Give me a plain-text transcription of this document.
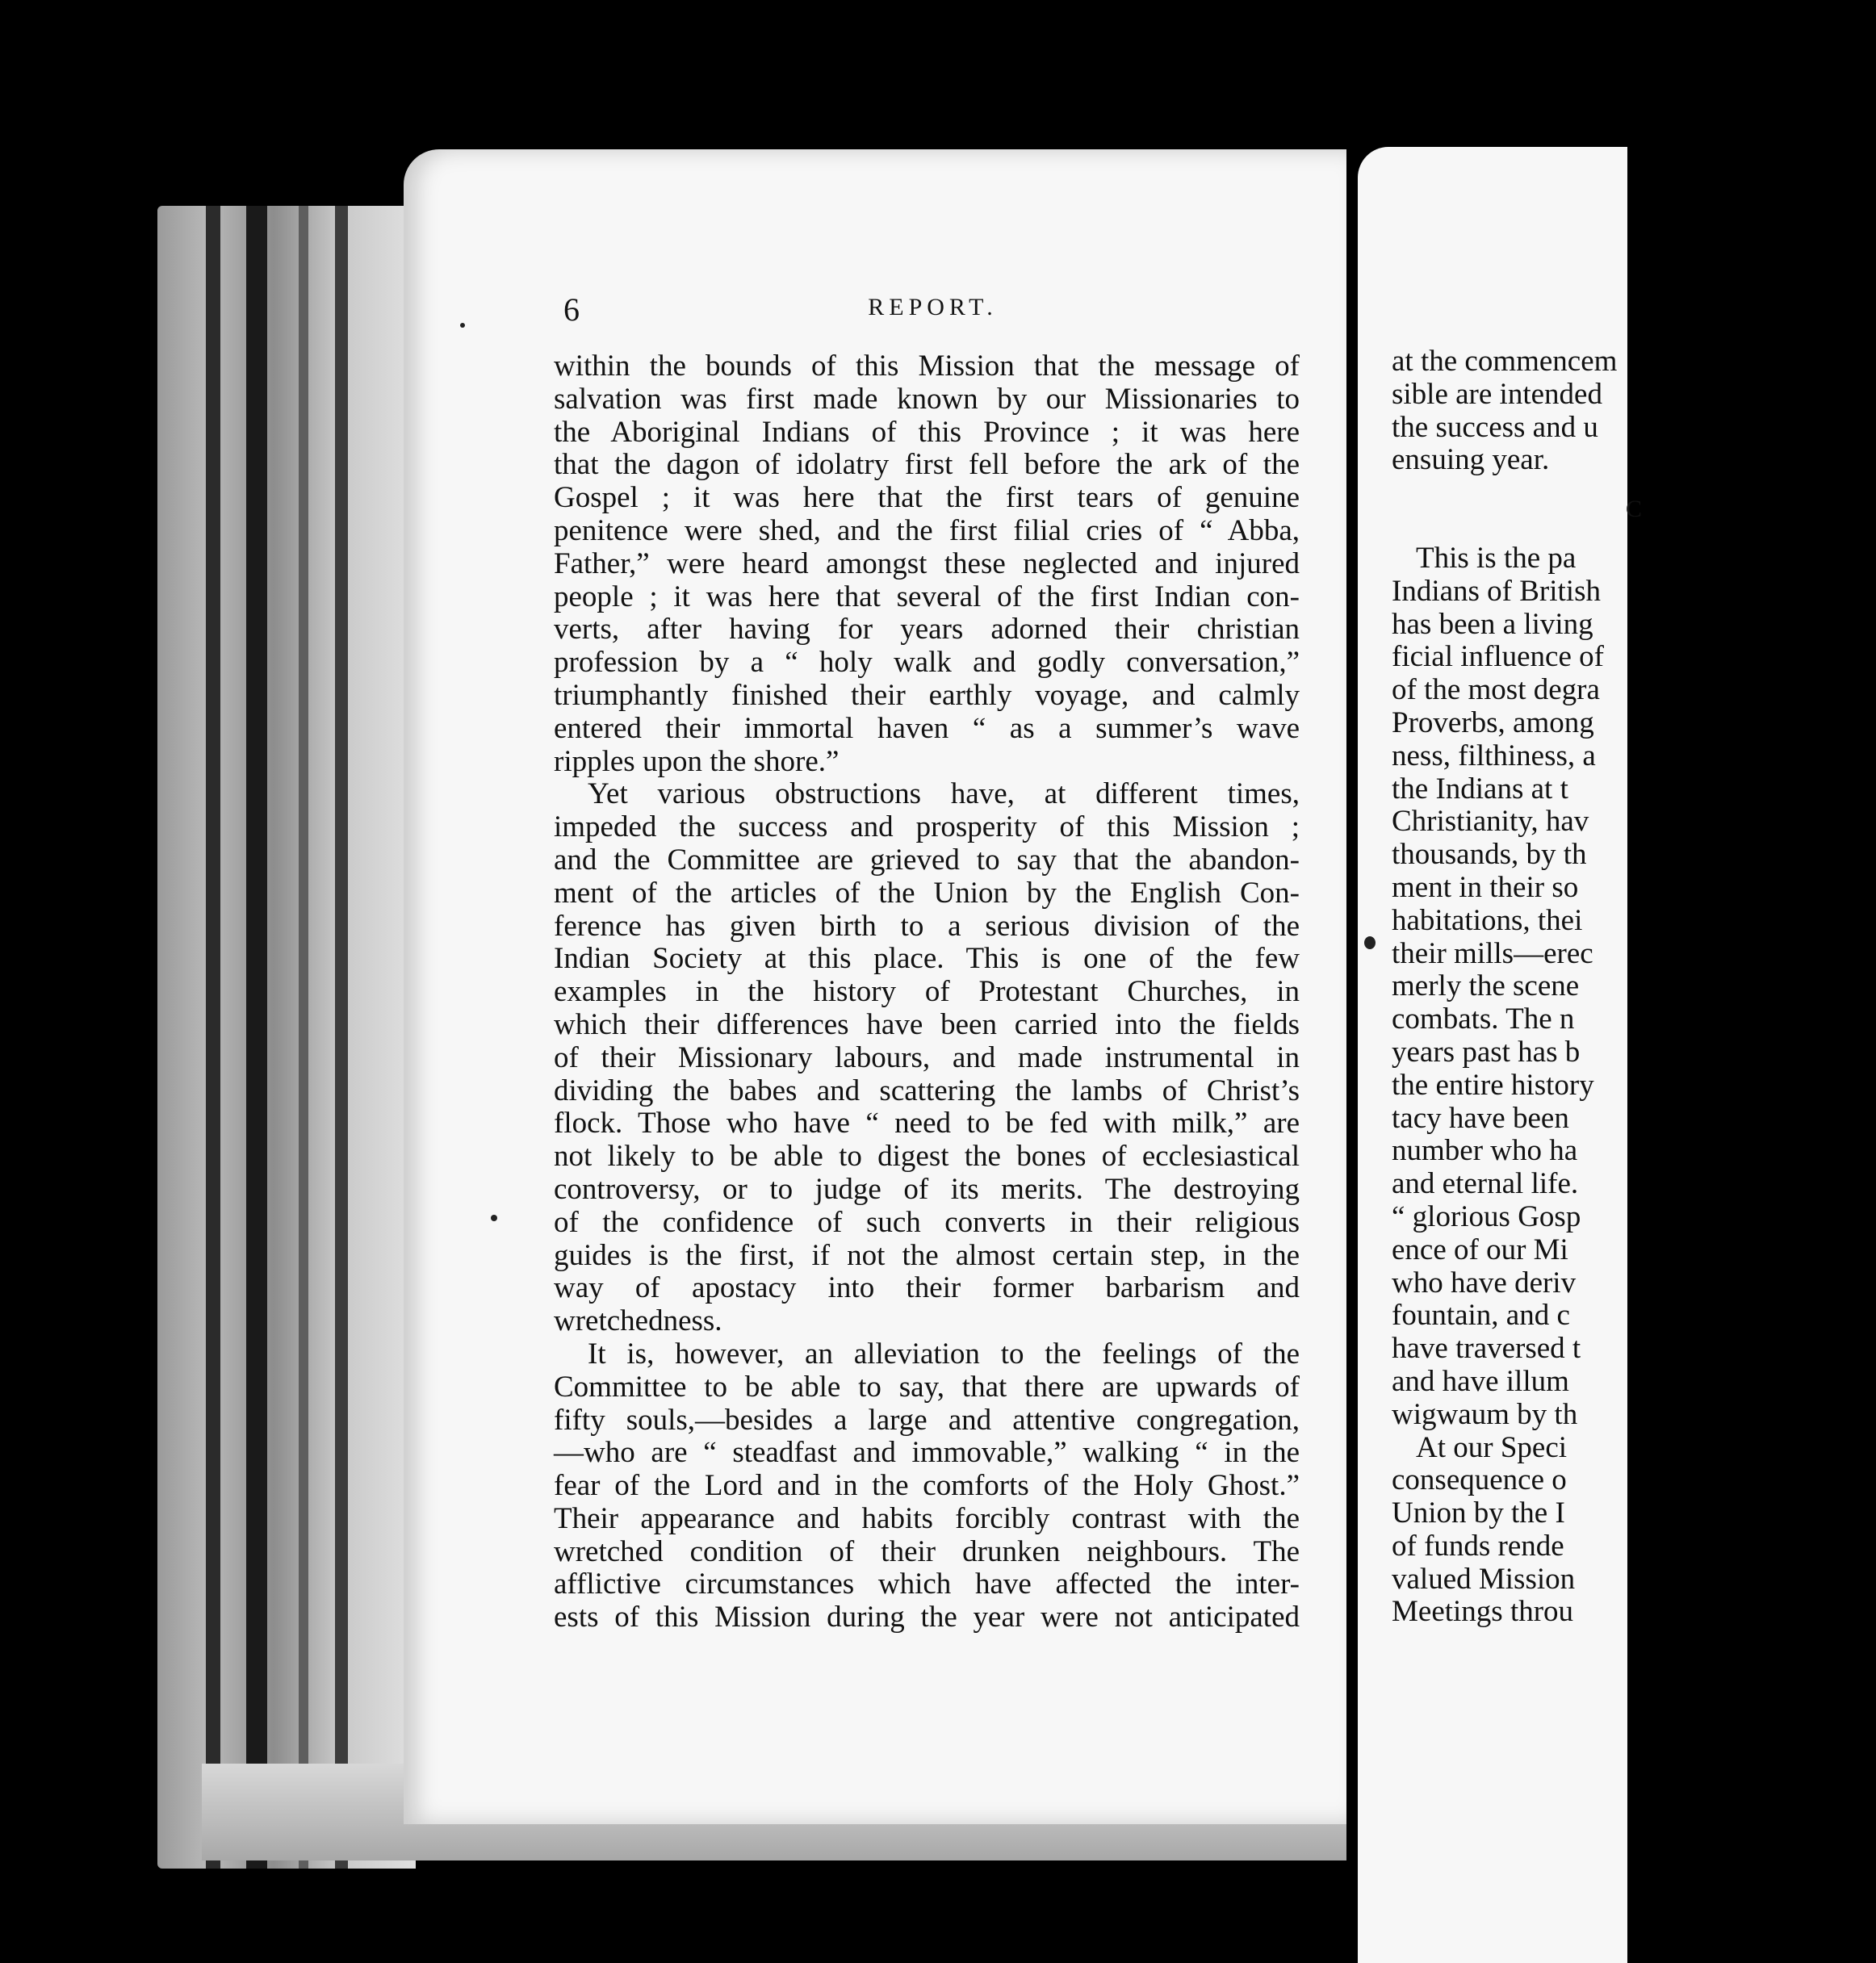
at the commencem
sible are intended
the success and u
ensuing year.
C
This is the pa
Indians of British
has been a living
ficial influence of
of the most degra
Proverbs, among
ness, filthiness, a
the Indians at t
Christianity, hav
thousands, by th
ment in their so
habitations, thei
their mills—erec
merly the scene
combats. The n
years past has b
the entire history
tacy have been
number who ha
and eternal life.
“ glorious Gosp
ence of our Mi
who have deriv
fountain, and c
have traversed t
and have illum
wigwaum by th
At our Speci
consequence o
Union by the I
of funds rende
valued Mission
Meetings throu
6	REPORT.
within the bounds of this Mission that the message of
salvation was first made known by our Missionaries to
the Aboriginal Indians of this Province ; it was here
that the dagon of idolatry first fell before the ark of the
Gospel ; it was here that the first tears of genuine
penitence were shed, and the first filial cries of “ Abba,
Father,” were heard amongst these neglected and injured
people ; it was here that several of the first Indian con-
verts, after having for years adorned their christian
profession by a “ holy walk and godly conversation,”
triumphantly finished their earthly voyage, and calmly
entered their immortal haven “ as a summer’s wave
ripples upon the shore.”
Yet various obstructions have, at different times,
impeded the success and prosperity of this Mission ;
and the Committee are grieved to say that the abandon-
ment of the articles of the Union by the English Con-
ference has given birth to a serious division of the
Indian Society at this place. This is one of the few
examples in the history of Protestant Churches, in
which their differences have been carried into the fields
of their Missionary labours, and made instrumental in
dividing the babes and scattering the lambs of Christ’s
flock. Those who have “ need to be fed with milk,” are
not likely to be able to digest the bones of ecclesiastical
controversy, or to judge of its merits. The destroying
of the confidence of such converts in their religious
guides is the first, if not the almost certain step, in the
way of apostacy into their former barbarism and
wretchedness.
It is, however, an alleviation to the feelings of the
Committee to be able to say, that there are upwards of
fifty souls,—besides a large and attentive congregation,
—who are “ steadfast and immovable,” walking “ in the
fear of the Lord and in the comforts of the Holy Ghost.”
Their appearance and habits forcibly contrast with the
wretched condition of their drunken neighbours. The
afflictive circumstances which have affected the inter-
ests of this Mission during the year were not anticipated
